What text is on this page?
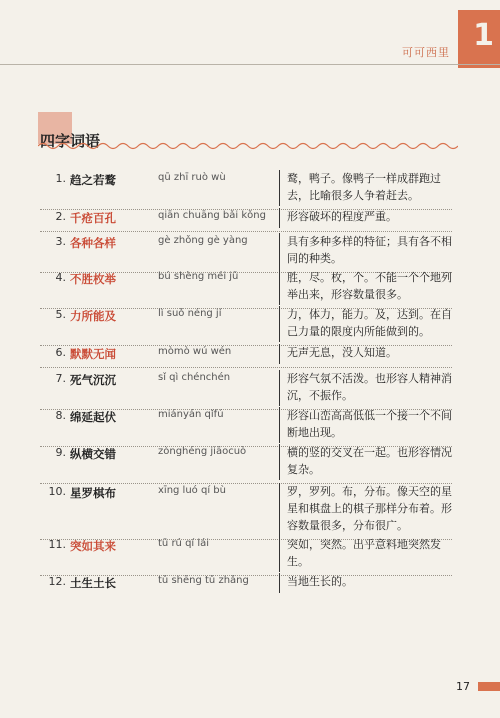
1
可可西里
四字词语
1. 趋之若鹜	qū zhī ruò wù	鹜，鸭子。像鸭子一样成群跑过去，比喻很多人争着赶去。
2. 千疮百孔	qiān chuāng bǎi kǒng 形容破坏的程度严重。
3. 各种各样	gè zhǒng gè yàng	具有多种多样的特征；具有各不相同的种类。
4. 不胜枚举	bú shèng méi jǔ	胜，尽。枚，个。不能一个个地列举出来，形容数量很多。
5. 力所能及	lì suǒ néng jí	力，体力，能力。及，达到。在自己力量的限度内所能做到的。
6. 默默无闻	mòmò wú wén	无声无息，没人知道。
7. 死气沉沉	sǐ qì chénchén	形容气氛不活泼。也形容人精神消沉，不振作。
8. 绵延起伏	miányán qǐfú	形容山峦高高低低一个接一个不间断地出现。
9. 纵横交错	zònghéng jiāocuò	横的竖的交叉在一起。也形容情况复杂。
10. 星罗棋布	xīng luó qí bù	罗，罗列。布，分布。像天空的星星和棋盘上的棋子那样分布着。形容数量很多，分布很广。
11. 突如其来	tū rú qí lái	突如，突然。出乎意料地突然发生。
12. 土生土长	tǔ shēng tǔ zhǎng	当地生长的。
17
